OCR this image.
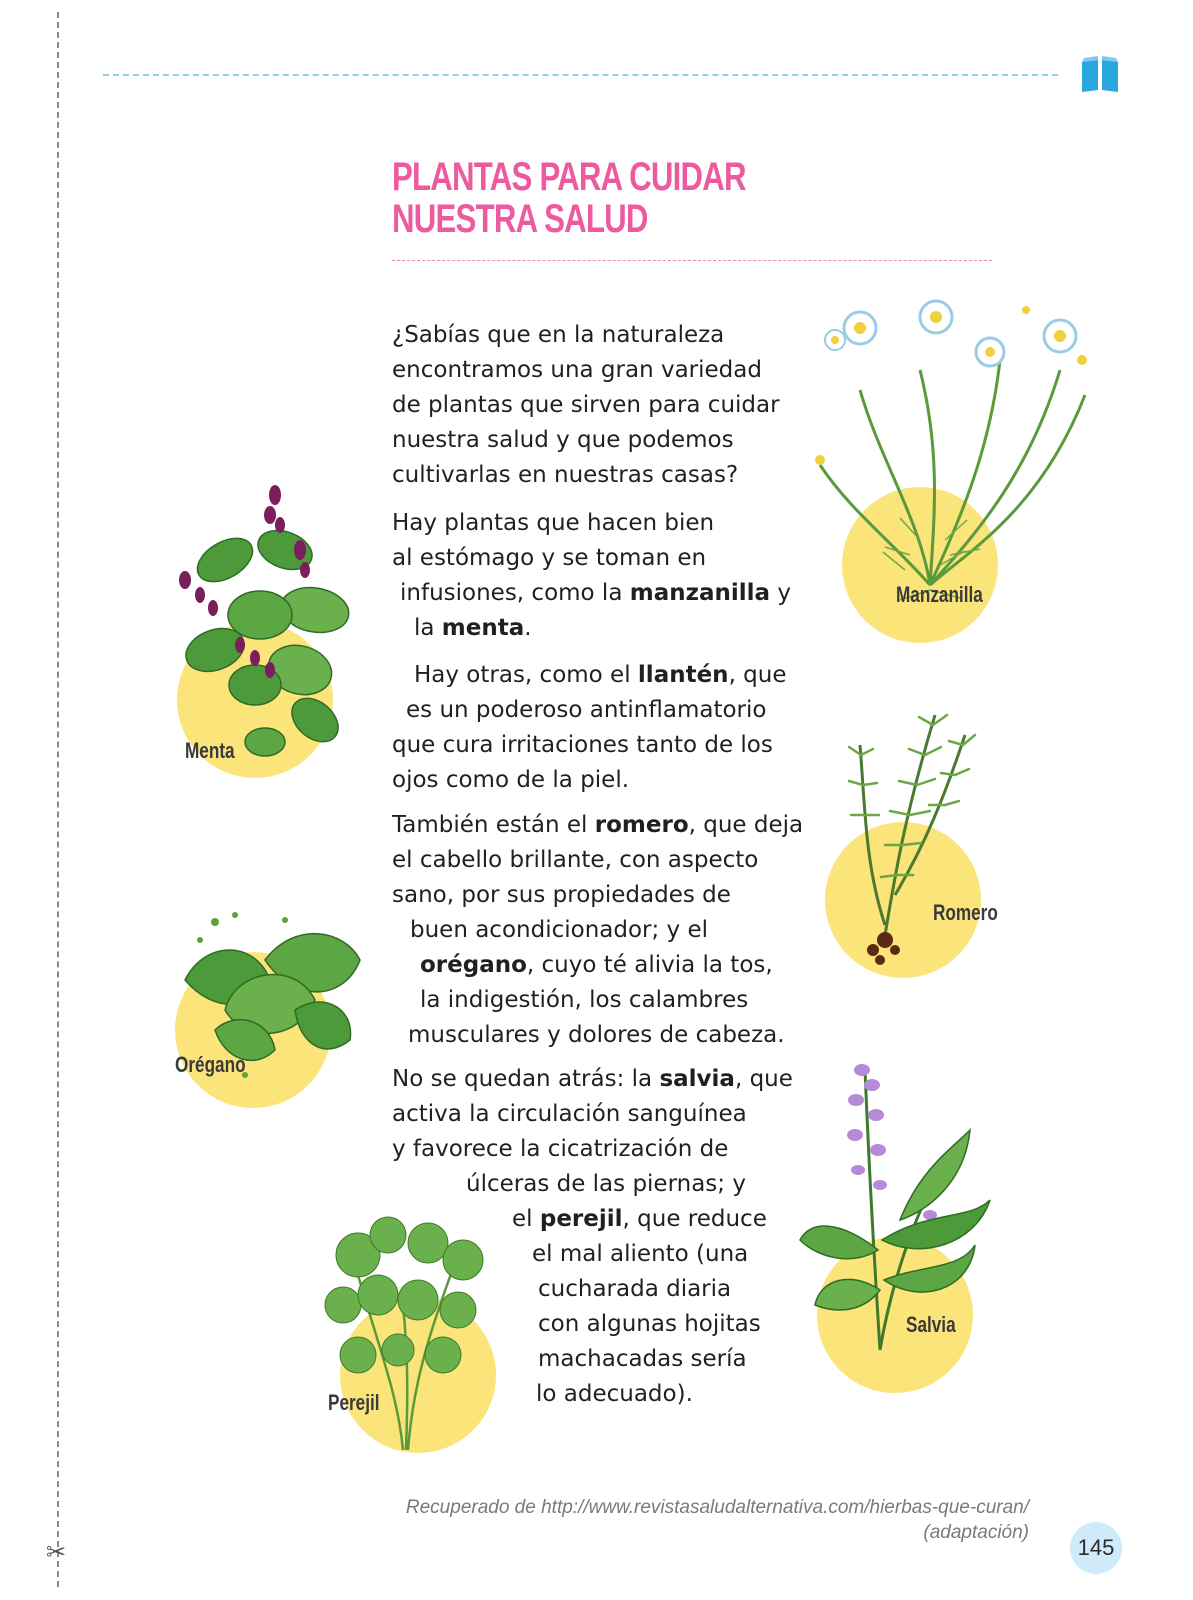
✂
PLANTAS PARA CUIDAR
NUESTRA SALUD

¿Sabías que en la naturaleza
encontramos una gran variedad
de plantas que sirven para cuidar
nuestra salud y que podemos
cultivarlas en nuestras casas?

Hay plantas que hacen bien
al estómago y se toman en
infusiones, como la manzanilla y
la menta.

Hay otras, como el llantén, que
es un poderoso antinflamatorio
que cura irritaciones tanto de los
ojos como de la piel.

También están el romero, que deja
el cabello brillante, con aspecto
sano, por sus propiedades de
buen acondicionador; y el
orégano, cuyo té alivia la tos,
la indigestión, los calambres
musculares y dolores de cabeza.

No se quedan atrás: la salvia, que
activa la circulación sanguínea
y favorece la cicatrización de
úlceras de las piernas; y
el perejil, que reduce
el mal aliento (una
cucharada diaria
con algunas hojitas
machacadas sería
lo adecuado).

Manzanilla
Menta
Romero
Orégano
Salvia
Perejil
Recuperado de http://www.revistasaludalternativa.com/hierbas-que-curan/
(adaptación)
145
